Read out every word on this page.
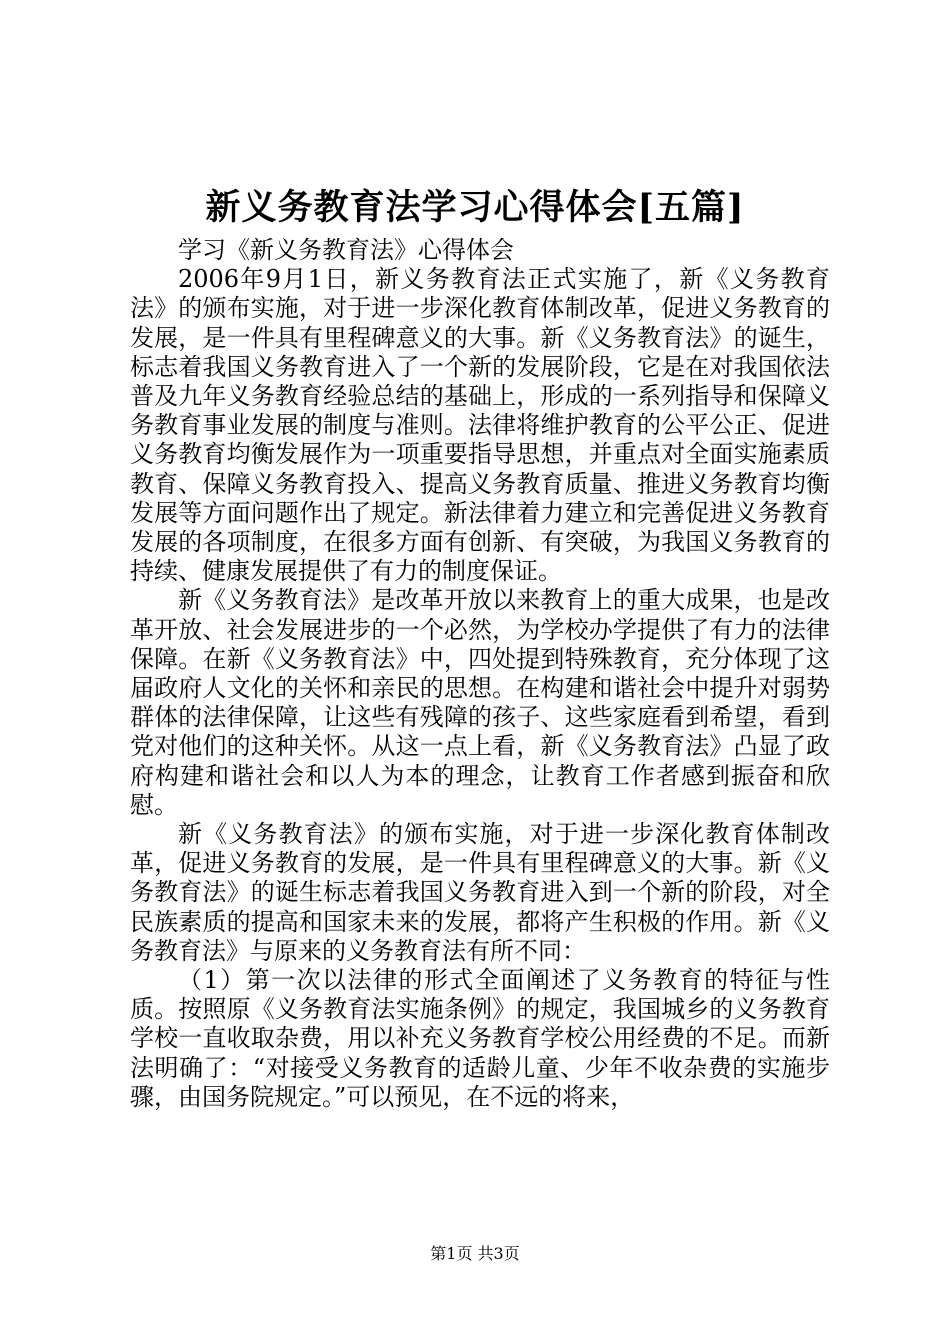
新义务教育法学习心得体会[五篇]

学习《新义务教育法》心得体会

2006年9月1日，新义务教育法正式实施了，新《义务教育法》的颁布实施，对于进一步深化教育体制改革，促进义务教育的发展，是一件具有里程碑意义的大事。新《义务教育法》的诞生，标志着我国义务教育进入了一个新的发展阶段，它是在对我国依法普及九年义务教育经验总结的基础上，形成的一系列指导和保障义务教育事业发展的制度与准则。法律将维护教育的公平公正、促进义务教育均衡发展作为一项重要指导思想，并重点对全面实施素质教育、保障义务教育投入、提高义务教育质量、推进义务教育均衡发展等方面问题作出了规定。新法律着力建立和完善促进义务教育发展的各项制度，在很多方面有创新、有突破，为我国义务教育的持续、健康发展提供了有力的制度保证。

新《义务教育法》是改革开放以来教育上的重大成果，也是改革开放、社会发展进步的一个必然，为学校办学提供了有力的法律保障。在新《义务教育法》中，四处提到特殊教育，充分体现了这届政府人文化的关怀和亲民的思想。在构建和谐社会中提升对弱势群体的法律保障，让这些有残障的孩子、这些家庭看到希望，看到党对他们的这种关怀。从这一点上看，新《义务教育法》凸显了政府构建和谐社会和以人为本的理念，让教育工作者感到振奋和欣慰。

新《义务教育法》的颁布实施，对于进一步深化教育体制改革，促进义务教育的发展，是一件具有里程碑意义的大事。新《义务教育法》的诞生标志着我国义务教育进入到一个新的阶段，对全民族素质的提高和国家未来的发展，都将产生积极的作用。新《义务教育法》与原来的义务教育法有所不同：

（1）第一次以法律的形式全面阐述了义务教育的特征与性质。按照原《义务教育法实施条例》的规定，我国城乡的义务教育学校一直收取杂费，用以补充义务教育学校公用经费的不足。而新法明确了：“对接受义务教育的适龄儿童、少年不收杂费的实施步骤，由国务院规定。”可以预见，在不远的将来，

第1页 共3页
